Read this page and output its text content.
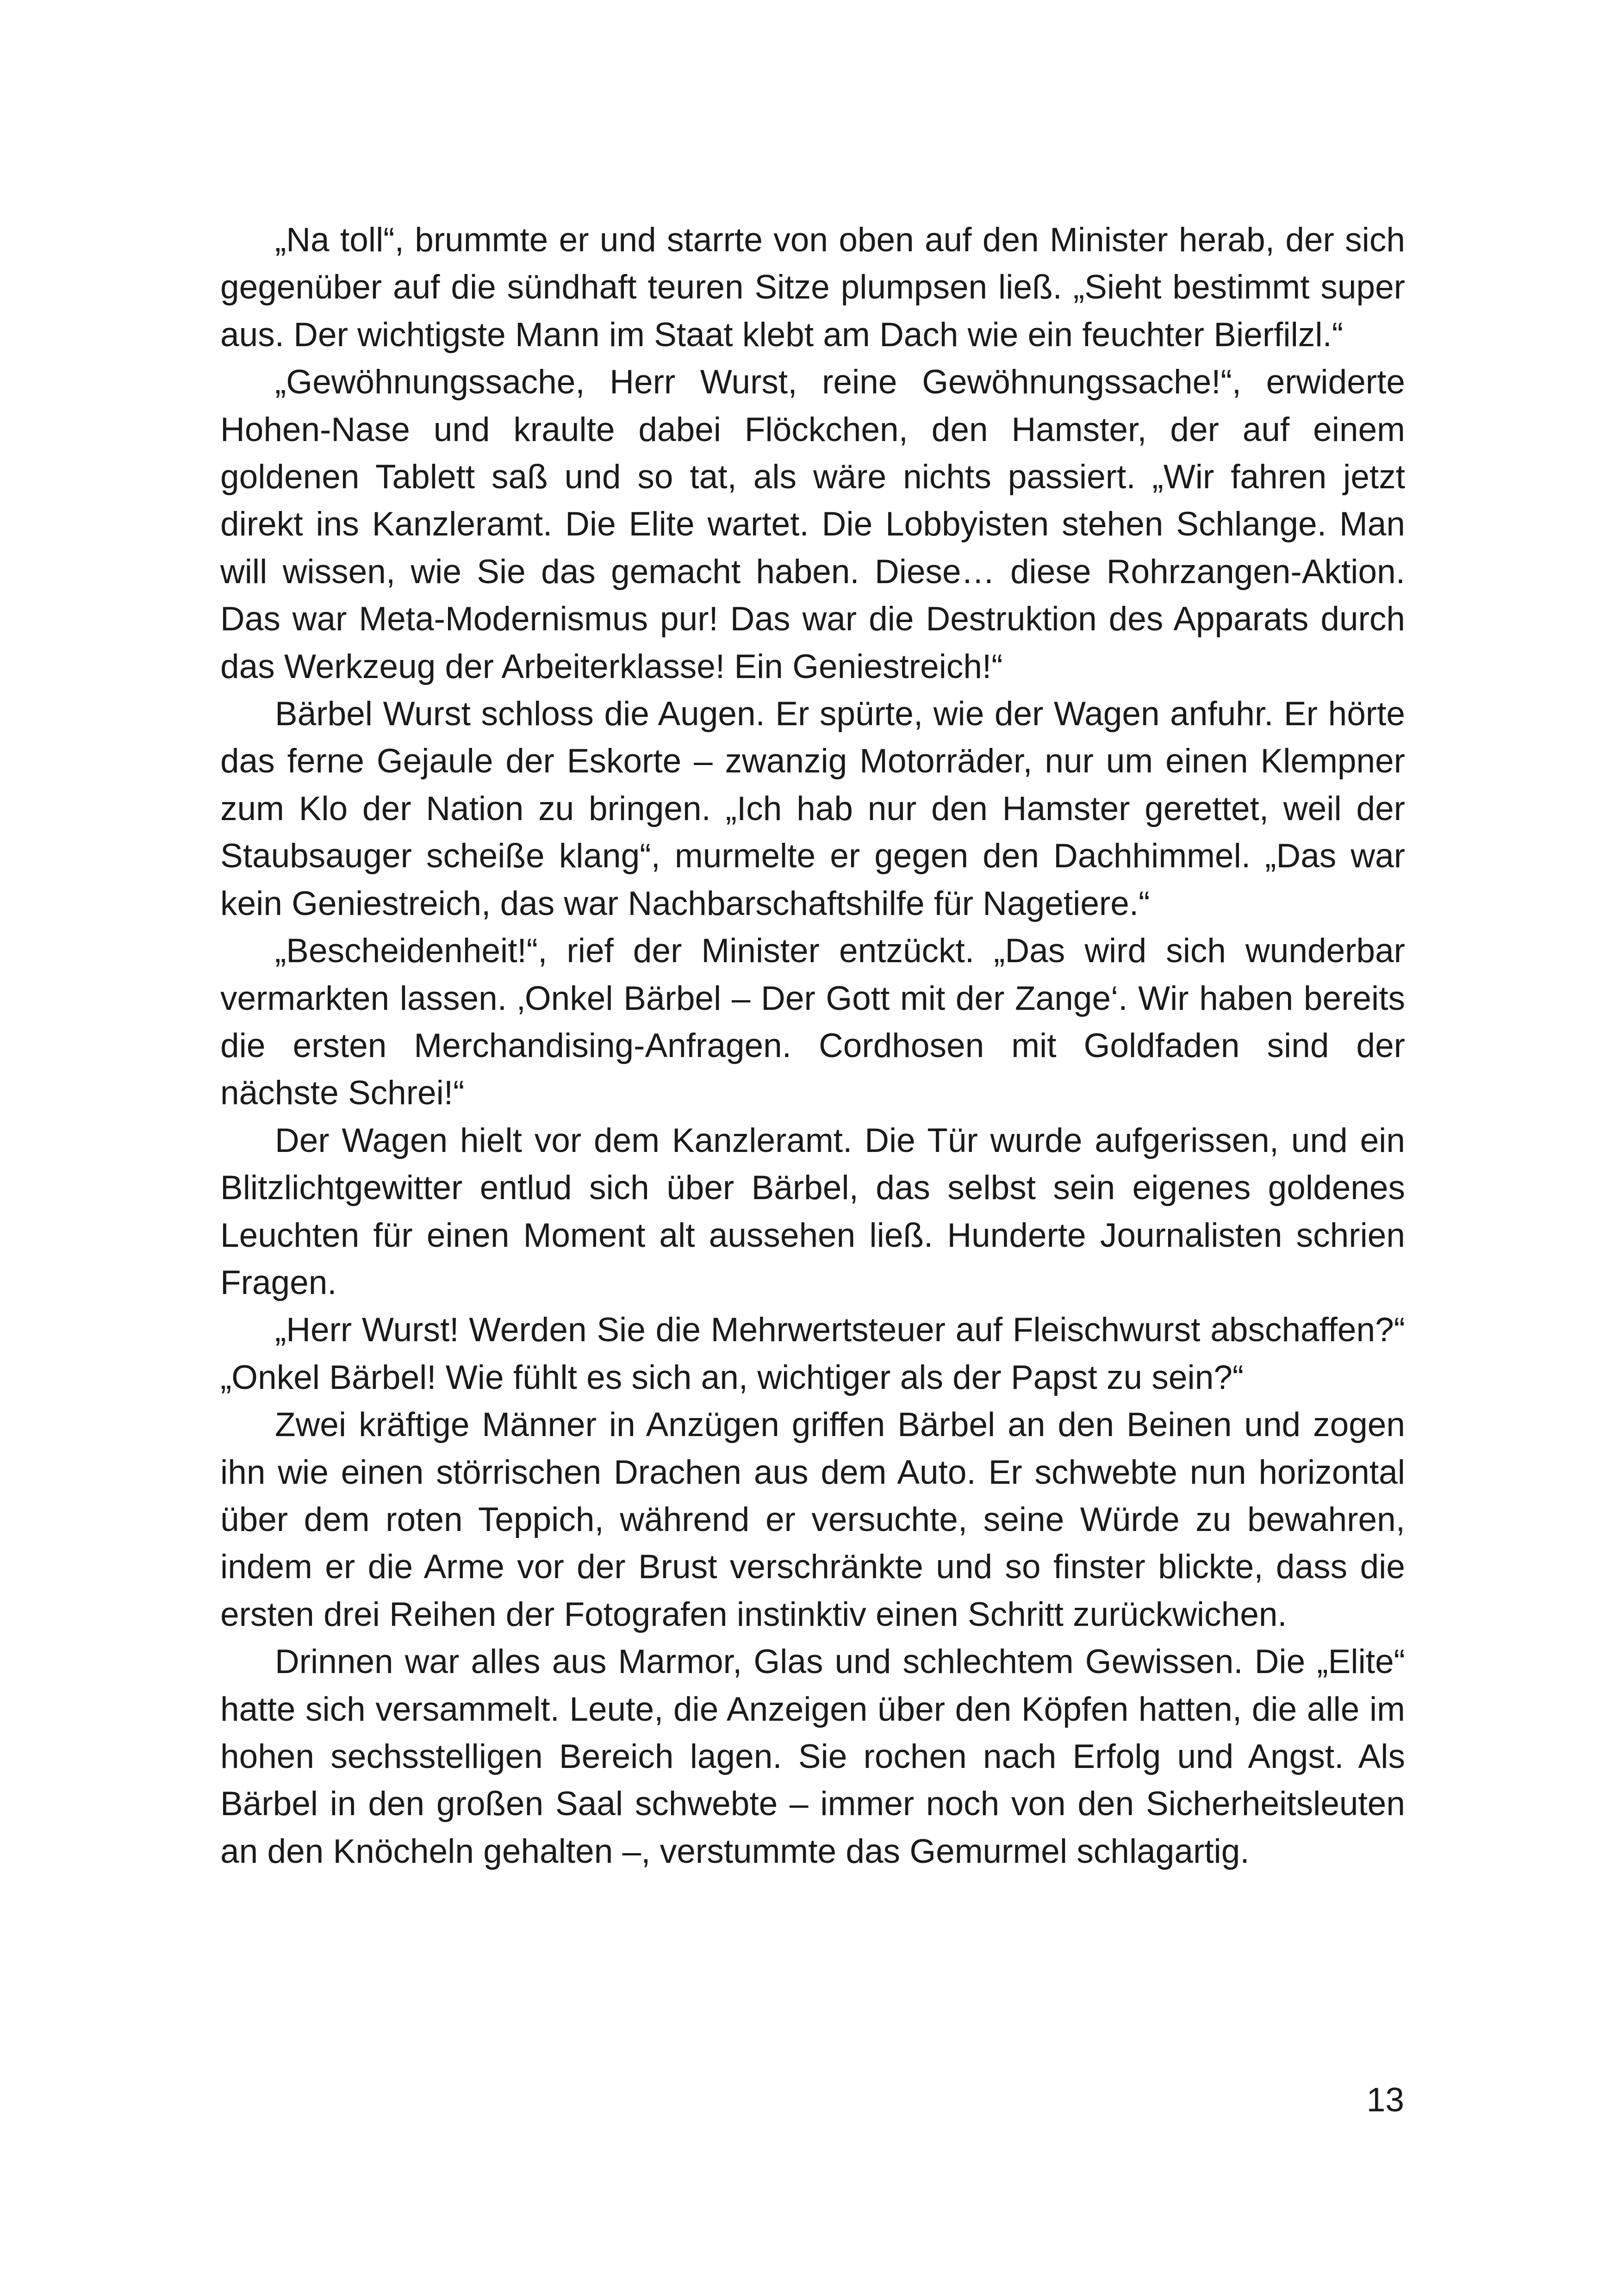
„Na toll“, brummte er und starrte von oben auf den Minister herab, der sich gegenüber auf die sündhaft teuren Sitze plumpsen ließ. „Sieht bestimmt super aus. Der wichtigste Mann im Staat klebt am Dach wie ein feuchter Bierfilzl.“

„Gewöhnungssache, Herr Wurst, reine Gewöhnungssache!“, erwiderte Hohen-Nase und kraulte dabei Flöckchen, den Hamster, der auf einem goldenen Tablett saß und so tat, als wäre nichts passiert. „Wir fahren jetzt direkt ins Kanzleramt. Die Elite wartet. Die Lobbyisten stehen Schlange. Man will wissen, wie Sie das gemacht haben. Diese… diese Rohrzangen-Aktion. Das war Meta-Modernismus pur! Das war die Destruktion des Apparats durch das Werkzeug der Arbeiterklasse! Ein Geniestreich!“

Bärbel Wurst schloss die Augen. Er spürte, wie der Wagen anfuhr. Er hörte das ferne Gejaule der Eskorte – zwanzig Motorräder, nur um einen Klempner zum Klo der Nation zu bringen. „Ich hab nur den Hamster gerettet, weil der Staubsauger scheiße klang“, murmelte er gegen den Dachhimmel. „Das war kein Geniestreich, das war Nachbarschaftshilfe für Nagetiere.“

„Bescheidenheit!“, rief der Minister entzückt. „Das wird sich wunderbar vermarkten lassen. ‚Onkel Bärbel – Der Gott mit der Zange‘. Wir haben bereits die ersten Merchandising-Anfragen. Cordhosen mit Goldfaden sind der nächste Schrei!“

Der Wagen hielt vor dem Kanzleramt. Die Tür wurde aufgerissen, und ein Blitzlichtgewitter entlud sich über Bärbel, das selbst sein eigenes goldenes Leuchten für einen Moment alt aussehen ließ. Hunderte Journalisten schrien Fragen.

„Herr Wurst! Werden Sie die Mehrwertsteuer auf Fleischwurst abschaffen?“ „Onkel Bärbel! Wie fühlt es sich an, wichtiger als der Papst zu sein?“

Zwei kräftige Männer in Anzügen griffen Bärbel an den Beinen und zogen ihn wie einen störrischen Drachen aus dem Auto. Er schwebte nun horizontal über dem roten Teppich, während er versuchte, seine Würde zu bewahren, indem er die Arme vor der Brust verschränkte und so finster blickte, dass die ersten drei Reihen der Fotografen instinktiv einen Schritt zurückwichen.

Drinnen war alles aus Marmor, Glas und schlechtem Gewissen. Die „Elite“ hatte sich versammelt. Leute, die Anzeigen über den Köpfen hatten, die alle im hohen sechsstelligen Bereich lagen. Sie rochen nach Erfolg und Angst. Als Bärbel in den großen Saal schwebte – immer noch von den Sicherheitsleuten an den Knöcheln gehalten –, verstummte das Gemurmel schlagartig.

13
